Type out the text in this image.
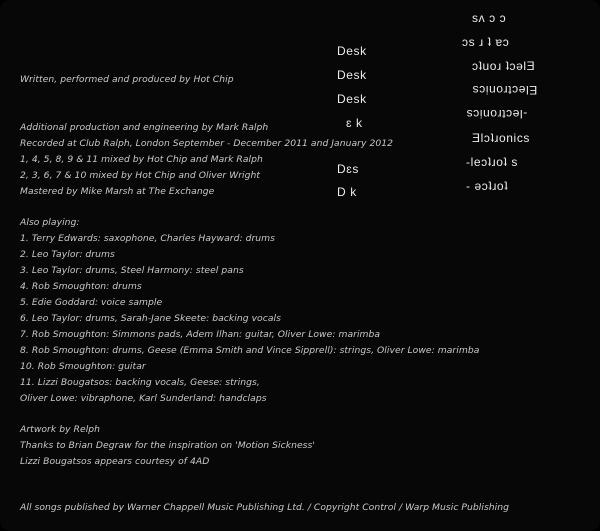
Written, performed and produced by Hot Chip
Additional production and engineering by Mark Ralph
Recorded at Club Ralph, London September - December 2011 and January 2012
1, 4, 5, 8, 9 & 11 mixed by Hot Chip and Mark Ralph
2, 3, 6, 7 & 10 mixed by Hot Chip and Oliver Wright
Mastered by Mike Marsh at The Exchange
Also playing:
1. Terry Edwards: saxophone, Charles Hayward: drums
2. Leo Taylor: drums
3. Leo Taylor: drums, Steel Harmony: steel pans
4. Rob Smoughton: drums
5. Edie Goddard: voice sample
6. Leo Taylor: drums, Sarah-Jane Skeete: backing vocals
7. Rob Smoughton: Simmons pads, Adem Ilhan: guitar, Oliver Lowe: marimba
8. Rob Smoughton: drums, Geese (Emma Smith and Vince Sipprell): strings, Oliver Lowe: marimba
10. Rob Smoughton: guitar
11. Lizzi Bougatsos: backing vocals, Geese: strings,
Oliver Lowe: vibraphone, Karl Sunderland: handclaps
Artwork by Relph
Thanks to Brian Degraw for the inspiration on 'Motion Sickness'
Lizzi Bougatsos appears courtesy of 4AD
All songs published by Warner Chappell Music Publishing Ltd. / Copyright Control / Warp Music Publishing
Desk
Desk
Desk
ɛ k
Dɛs
D k
sʌ ɔ ɔ
ɔs ɹ ʇ ɐɔ
ɔʇuoɹ ʇɔəlƎ
Electronics
-lectronics
Ǝlɔʇɹonics
-leɔʇɹoʇ s
- əɔʇɹoʇ
